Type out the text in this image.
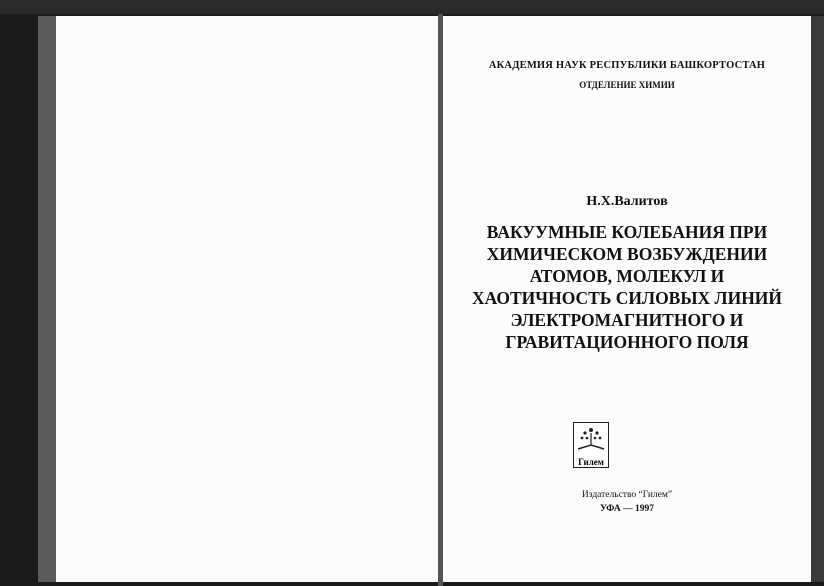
АКАДЕМИЯ НАУК РЕСПУБЛИКИ БАШКОРТОСТАН
ОТДЕЛЕНИЕ ХИМИИ
Н.Х.Валитов
ВАКУУМНЫЕ КОЛЕБАНИЯ ПРИ
ХИМИЧЕСКОМ ВОЗБУЖДЕНИИ
АТОМОВ, МОЛЕКУЛ И
ХАОТИЧНОСТЬ СИЛОВЫХ ЛИНИЙ
ЭЛЕКТРОМАГНИТНОГО И
ГРАВИТАЦИОННОГО ПОЛЯ
Гилем
Издательство “Гилем”
УФА — 1997
